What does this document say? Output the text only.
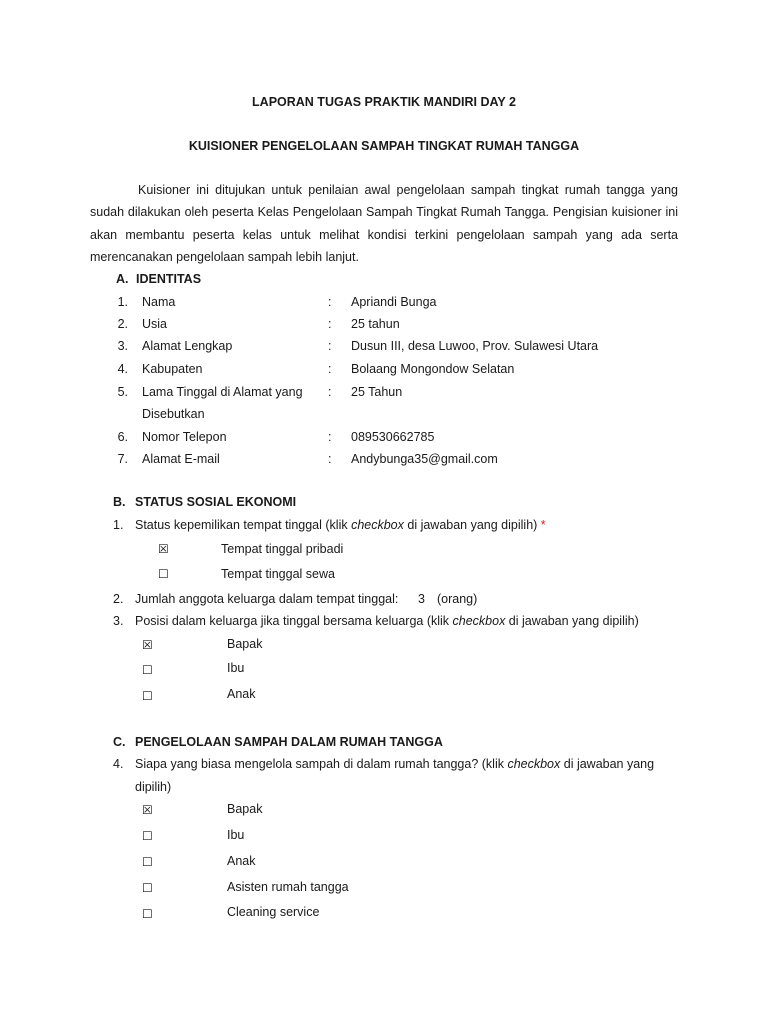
LAPORAN TUGAS PRAKTIK MANDIRI DAY 2
KUISIONER PENGELOLAAN SAMPAH TINGKAT RUMAH TANGGA
Kuisioner ini ditujukan untuk penilaian awal pengelolaan sampah tingkat rumah tangga yang sudah dilakukan oleh peserta Kelas Pengelolaan Sampah Tingkat Rumah Tangga. Pengisian kuisioner ini akan membantu peserta kelas untuk melihat kondisi terkini pengelolaan sampah yang ada serta merencanakan pengelolaan sampah lebih lanjut.
A. IDENTITAS
1. Nama	: Apriandi Bunga
2. Usia	: 25 tahun
3. Alamat Lengkap	: Dusun III, desa Luwoo, Prov. Sulawesi Utara
4. Kabupaten	: Bolaang Mongondow Selatan
5. Lama Tinggal di Alamat yang
Disebutkan
: 25 Tahun
6. Nomor Telepon	: 089530662785
7. Alamat E-mail	: Andybunga35@gmail.com
B. STATUS SOSIAL EKONOMI
1. Status kepemilikan tempat tinggal (klik checkbox di jawaban yang dipilih) *
☒	Tempat tinggal pribadi
☐	Tempat tinggal sewa
2. Jumlah anggota keluarga dalam tempat tinggal: 3 (orang)
3. Posisi dalam keluarga jika tinggal bersama keluarga (klik checkbox di jawaban yang dipilih)
☒	Bapak
☐	Ibu
☐	Anak
C. PENGELOLAAN SAMPAH DALAM RUMAH TANGGA
4. Siapa yang biasa mengelola sampah di dalam rumah tangga? (klik checkbox di jawaban yang
dipilih)
☒	Bapak
☐	Ibu
☐	Anak
☐	Asisten rumah tangga
☐	Cleaning service
